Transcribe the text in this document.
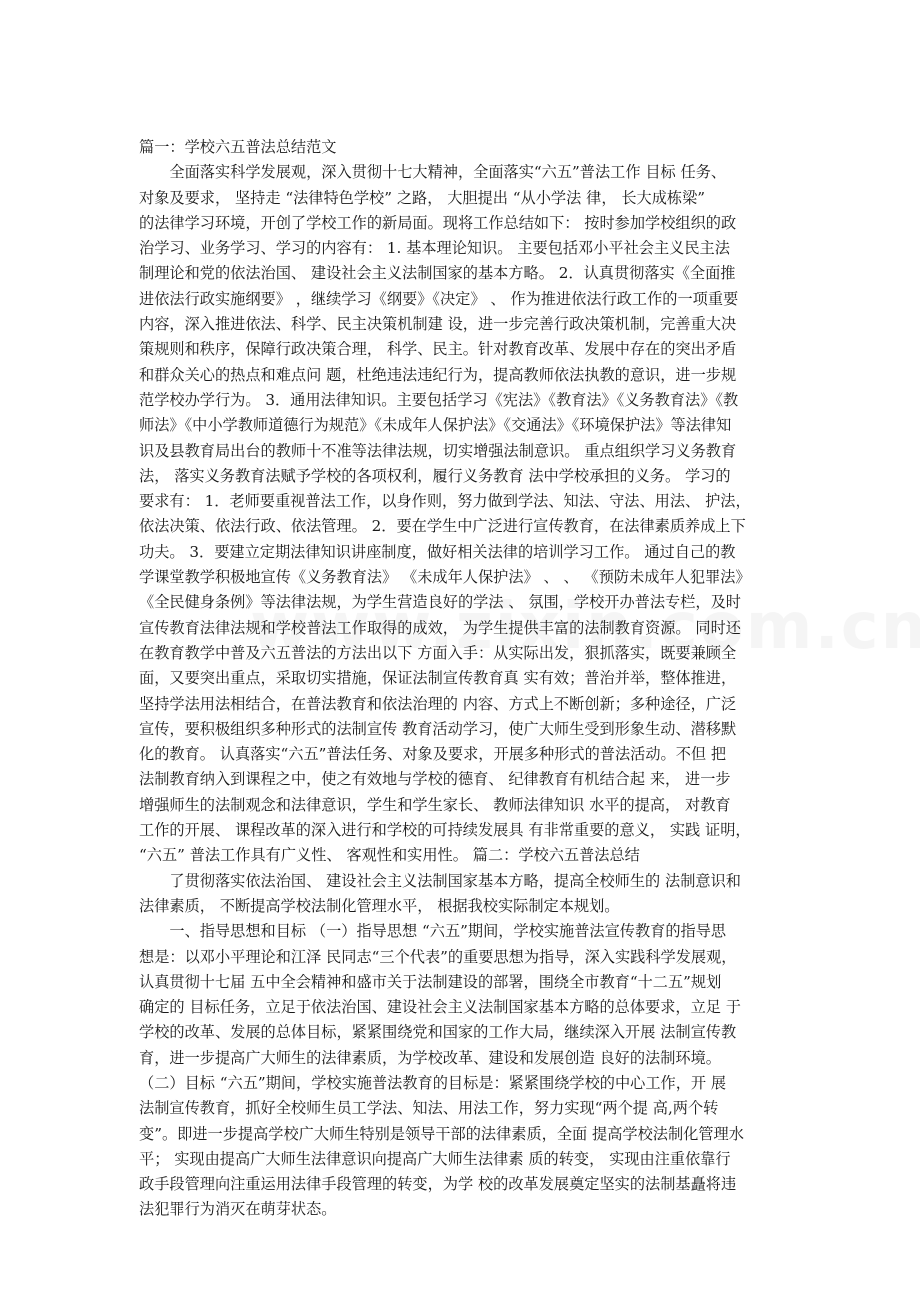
篇一：学校六五普法总结范文
　　全面落实科学发展观，深入贯彻十七大精神，全面落实“六五”普法工作 目标 任务、
对象及要求， 坚持走 “法律特色学校” 之路， 大胆提出 “从小学法 律， 长大成栋梁”
的法律学习环境，开创了学校工作的新局面。现将工作总结如下： 按时参加学校组织的政
治学习、业务学习、学习的内容有： 1. 基本理论知识。 主要包括邓小平社会主义民主法
制理论和党的依法治国、 建设社会主义法制国家的基本方略。 2．认真贯彻落实《全面推
进依法行政实施纲要》 ，继续学习《纲要》《决定》 、 作为推进依法行政工作的一项重要
内容，深入推进依法、科学、民主决策机制建 设，进一步完善行政决策机制，完善重大决
策规则和秩序，保障行政决策合理， 科学、民主。针对教育改革、发展中存在的突出矛盾
和群众关心的热点和难点问 题，杜绝违法违纪行为，提高教师依法执教的意识，进一步规
范学校办学行为。 3．通用法律知识。主要包括学习《宪法》《教育法》《义务教育法》《教
师法》《中小学教师道德行为规范》《未成年人保护法》《交通法》《环境保护法》等法律知
识及县教育局出台的教师十不准等法律法规，切实增强法制意识。 重点组织学习义务教育
法， 落实义务教育法赋予学校的各项权利，履行义务教育 法中学校承担的义务。 学习的
要求有： 1．老师要重视普法工作，以身作则，努力做到学法、知法、守法、用法、 护法，
依法决策、依法行政、依法管理。 2．要在学生中广泛进行宣传教育，在法律素质养成上下
功夫。 3．要建立定期法律知识讲座制度，做好相关法律的培训学习工作。 通过自己的教
学课堂教学积极地宣传《义务教育法》 《未成年人保护法》 、 、 《预防未成年人犯罪法》
《全民健身条例》等法律法规，为学生营造良好的学法 、 氛围，学校开办普法专栏，及时
宣传教育法律法规和学校普法工作取得的成效， 为学生提供丰富的法制教育资源。 同时还
在教育教学中普及六五普法的方法出以下 方面入手：从实际出发，狠抓落实，既要兼顾全
面，又要突出重点，采取切实措施，保证法制宣传教育真 实有效；普治并举，整体推进，
坚持学法用法相结合，在普法教育和依法治理的 内容、方式上不断创新；多种途径，广泛
宣传，要积极组织多种形式的法制宣传 教育活动学习，使广大师生受到形象生动、潜移默
化的教育。 认真落实“六五”普法任务、对象及要求，开展多种形式的普法活动。不但 把
法制教育纳入到课程之中，使之有效地与学校的德育、 纪律教育有机结合起 来， 进一步
增强师生的法制观念和法律意识，学生和学生家长、 教师法律知识 水平的提高， 对教育
工作的开展、 课程改革的深入进行和学校的可持续发展具 有非常重要的意义， 实践 证明，
“六五” 普法工作具有广义性、 客观性和实用性。 篇二：学校六五普法总结
　　了贯彻落实依法治国、 建设社会主义法制国家基本方略，提高全校师生的 法制意识和
法律素质， 不断提高学校法制化管理水平， 根据我校实际制定本规划。
　　一、指导思想和目标 （一）指导思想 “六五”期间，学校实施普法宣传教育的指导思
想是：以邓小平理论和江泽 民同志“三个代表”的重要思想为指导，深入实践科学发展观，
认真贯彻十七届 五中全会精神和盛市关于法制建设的部署，围绕全市教育“十二五”规划
确定的 目标任务，立足于依法治国、建设社会主义法制国家基本方略的总体要求，立足 于
学校的改革、发展的总体目标，紧紧围绕党和国家的工作大局，继续深入开展 法制宣传教
育，进一步提高广大师生的法律素质，为学校改革、建设和发展创造 良好的法制环境。
（二）目标 “六五”期间，学校实施普法教育的目标是：紧紧围绕学校的中心工作，开 展
法制宣传教育，抓好全校师生员工学法、知法、用法工作，努力实现“两个提 高,两个转
变”。即进一步提高学校广大师生特别是领导干部的法律素质，全面 提高学校法制化管理水
平； 实现由提高广大师生法律意识向提高广大师生法律素 质的转变， 实现由注重依靠行
政手段管理向注重运用法律手段管理的转变，为学 校的改革发展奠定坚实的法制基矗将违
法犯罪行为消灭在萌芽状态。
